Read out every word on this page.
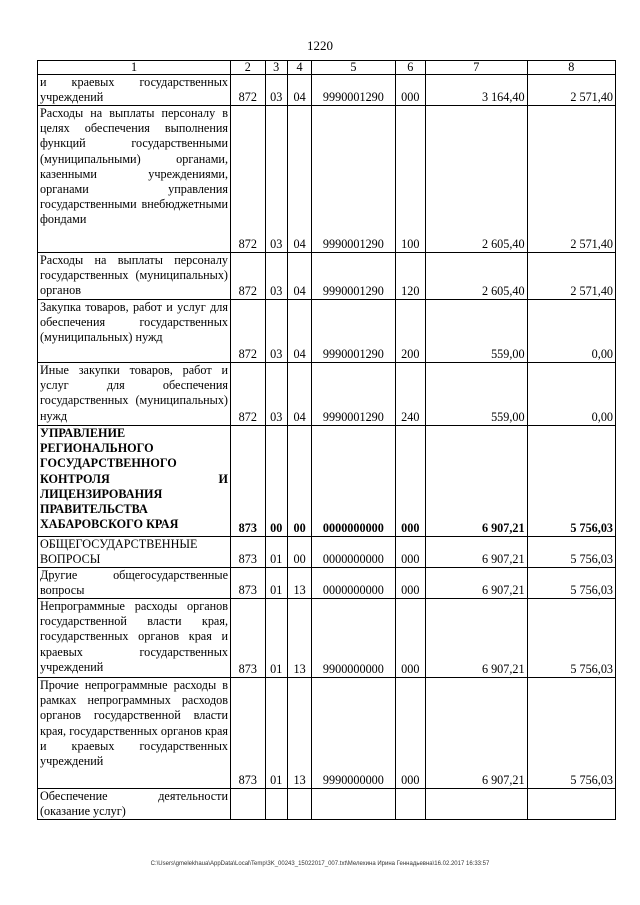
1220
1	2	3	4	5	6	7	8

и краевых государственных учреждений	872	03	04	9990001290	000	3 164,40	2 571,40

Расходы на выплаты персоналу в целях обеспечения выполнения функций государственными (муниципальными) органами, казенными учреждениями, органами управления государственными внебюджетными фондами	872	03	04	9990001290	100	2 605,40	2 571,40

Расходы на выплаты персоналу государственных (муниципальных) органов	872	03	04	9990001290	120	2 605,40	2 571,40

Закупка товаров, работ и услуг для обеспечения государственных (муниципальных) нужд	872	03	04	9990001290	200	559,00	0,00

Иные закупки товаров, работ и услуг для обеспечения государственных (муниципальных) нужд	872	03	04	9990001290	240	559,00	0,00

УПРАВЛЕНИЕ РЕГИОНАЛЬНОГО ГОСУДАРСТВЕННОГО КОНТРОЛЯ И ЛИЦЕНЗИРОВАНИЯ ПРАВИТЕЛЬСТВА ХАБАРОВСКОГО КРАЯ	873	00	00	0000000000	000	6 907,21	5 756,03

ОБЩЕГОСУДАРСТВЕННЫЕ ВОПРОСЫ	873	01	00	0000000000	000	6 907,21	5 756,03

Другие общегосударственные вопросы	873	01	13	0000000000	000	6 907,21	5 756,03

Непрограммные расходы органов государственной власти края, государственных органов края и краевых государственных учреждений	873	01	13	9900000000	000	6 907,21	5 756,03

Прочие непрограммные расходы в рамках непрограммных расходов органов государственной власти края, государственных органов края и краевых государственных учреждений	873	01	13	9990000000	000	6 907,21	5 756,03

Обеспечение деятельности (оказание услуг)							

C:\Users\gmelekhaua\AppData\Local\Temp\3K_00243_15022017_007.txt\Мелехина Ирина Геннадьевна\16.02.2017 16:33:57
